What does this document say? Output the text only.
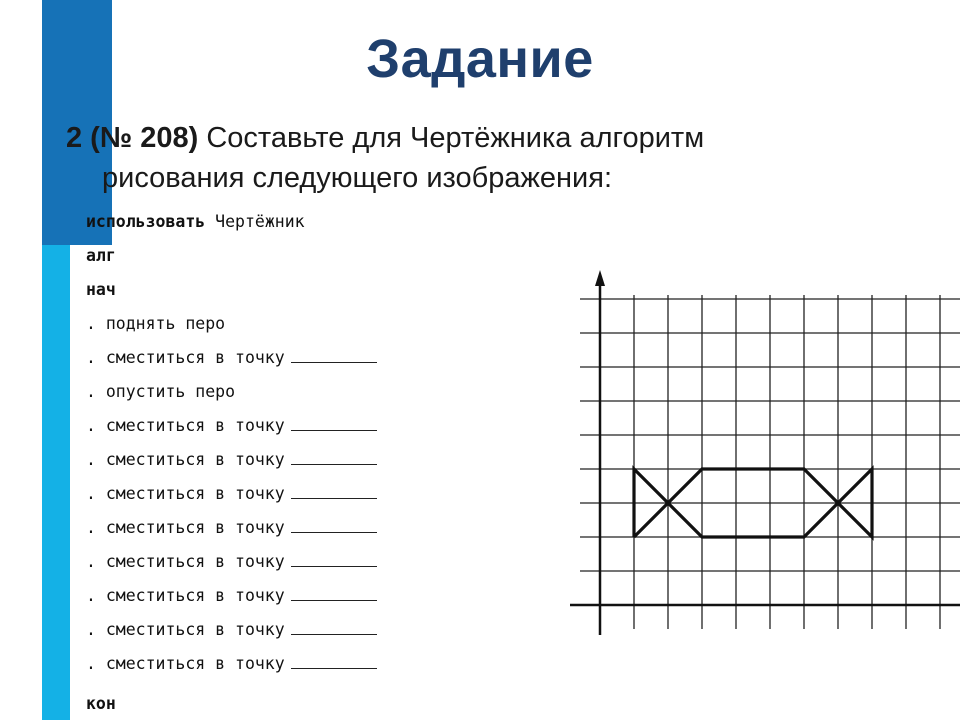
Задание
2 (№ 208) Составьте для Чертёжника алгоритм
рисования следующего изображения:
использовать Чертёжник
алг
нач
. поднять перо
. сместиться в точку
. опустить перо
. сместиться в точку
. сместиться в точку
. сместиться в точку
. сместиться в точку
. сместиться в точку
. сместиться в точку
. сместиться в точку
. сместиться в точку
кон
